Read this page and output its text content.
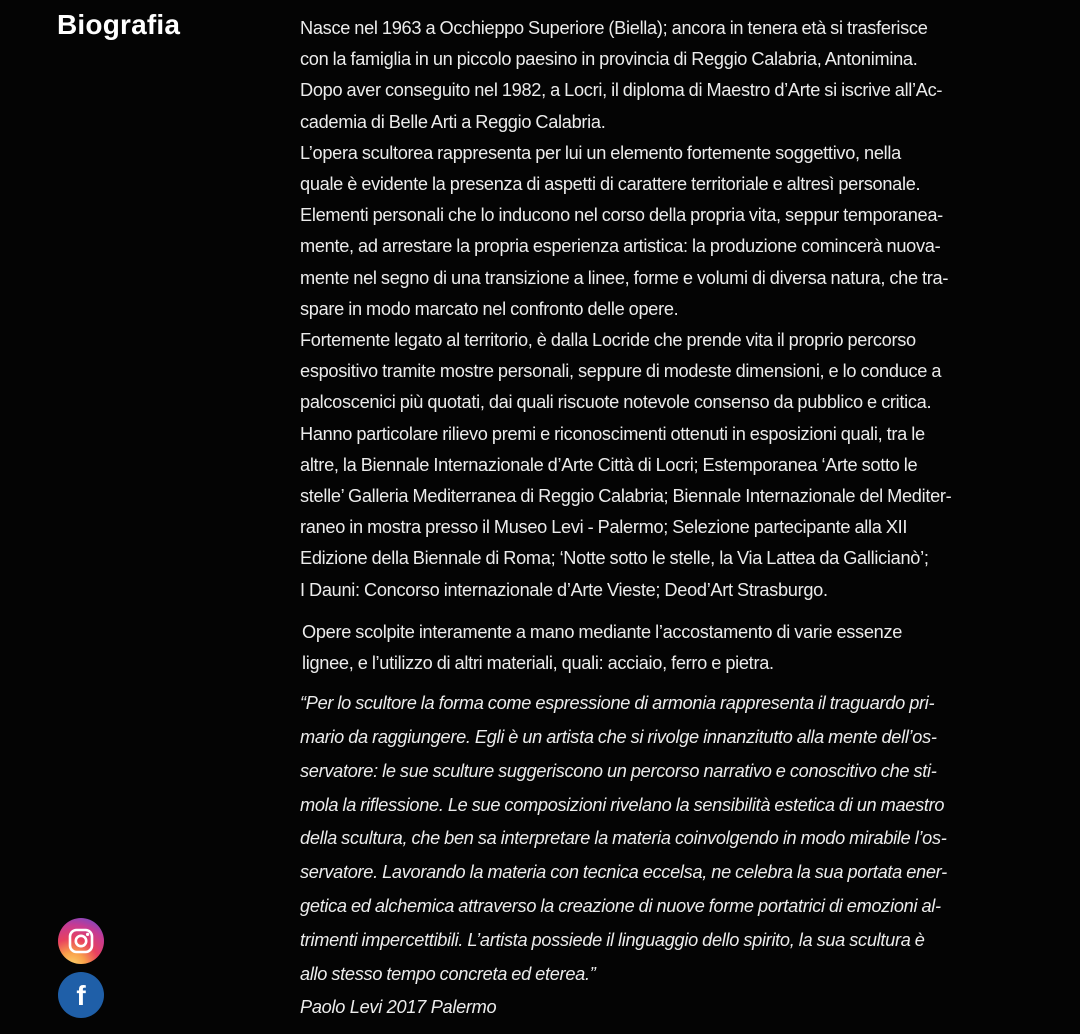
Biografia	Nasce nel 1963 a Occhieppo Superiore (Biella); ancora in tenera età si trasferisce
con la famiglia in un piccolo paesino in provincia di Reggio Calabria, Antonimina.
Dopo aver conseguito nel 1982, a Locri, il diploma di Maestro d’Arte si iscrive all’Ac-
cademia di Belle Arti a Reggio Calabria.
L’opera scultorea rappresenta per lui un elemento fortemente soggettivo, nella
quale è evidente la presenza di aspetti di carattere territoriale e altresì personale.
Elementi personali che lo inducono nel corso della propria vita, seppur temporanea-
mente, ad arrestare la propria esperienza artistica: la produzione comincerà nuova-
mente nel segno di una transizione a linee, forme e volumi di diversa natura, che tra-
spare in modo marcato nel confronto delle opere.
Fortemente legato al territorio, è dalla Locride che prende vita il proprio percorso
espositivo tramite mostre personali, seppure di modeste dimensioni, e lo conduce a
palcoscenici più quotati, dai quali riscuote notevole consenso da pubblico e critica.
Hanno particolare rilievo premi e riconoscimenti ottenuti in esposizioni quali, tra le
altre, la Biennale Internazionale d’Arte Città di Locri; Estemporanea ‘Arte sotto le
stelle’ Galleria Mediterranea di Reggio Calabria; Biennale Internazionale del Mediter-
raneo in mostra presso il Museo Levi - Palermo; Selezione partecipante alla XII
Edizione della Biennale di Roma; ‘Notte sotto le stelle, la Via Lattea da Gallicianò’;
I Dauni: Concorso internazionale d’Arte Vieste; Deod’Art Strasburgo.

Opere scolpite interamente a mano mediante l’accostamento di varie essenze
lignee, e l’utilizzo di altri materiali, quali: acciaio, ferro e pietra.

“Per lo scultore la forma come espressione di armonia rappresenta il traguardo pri-
mario da raggiungere. Egli è un artista che si rivolge innanzitutto alla mente dell’os-
servatore: le sue sculture suggeriscono un percorso narrativo e conoscitivo che sti-
mola la riflessione. Le sue composizioni rivelano la sensibilità estetica di un maestro
della scultura, che ben sa interpretare la materia coinvolgendo in modo mirabile l’os-
servatore. Lavorando la materia con tecnica eccelsa, ne celebra la sua portata ener-
getica ed alchemica attraverso la creazione di nuove forme portatrici di emozioni al-
trimenti impercettibili. L’artista possiede il linguaggio dello spirito, la sua scultura è
allo stesso tempo concreta ed eterea.”

Paolo Levi 2017 Palermo

f
